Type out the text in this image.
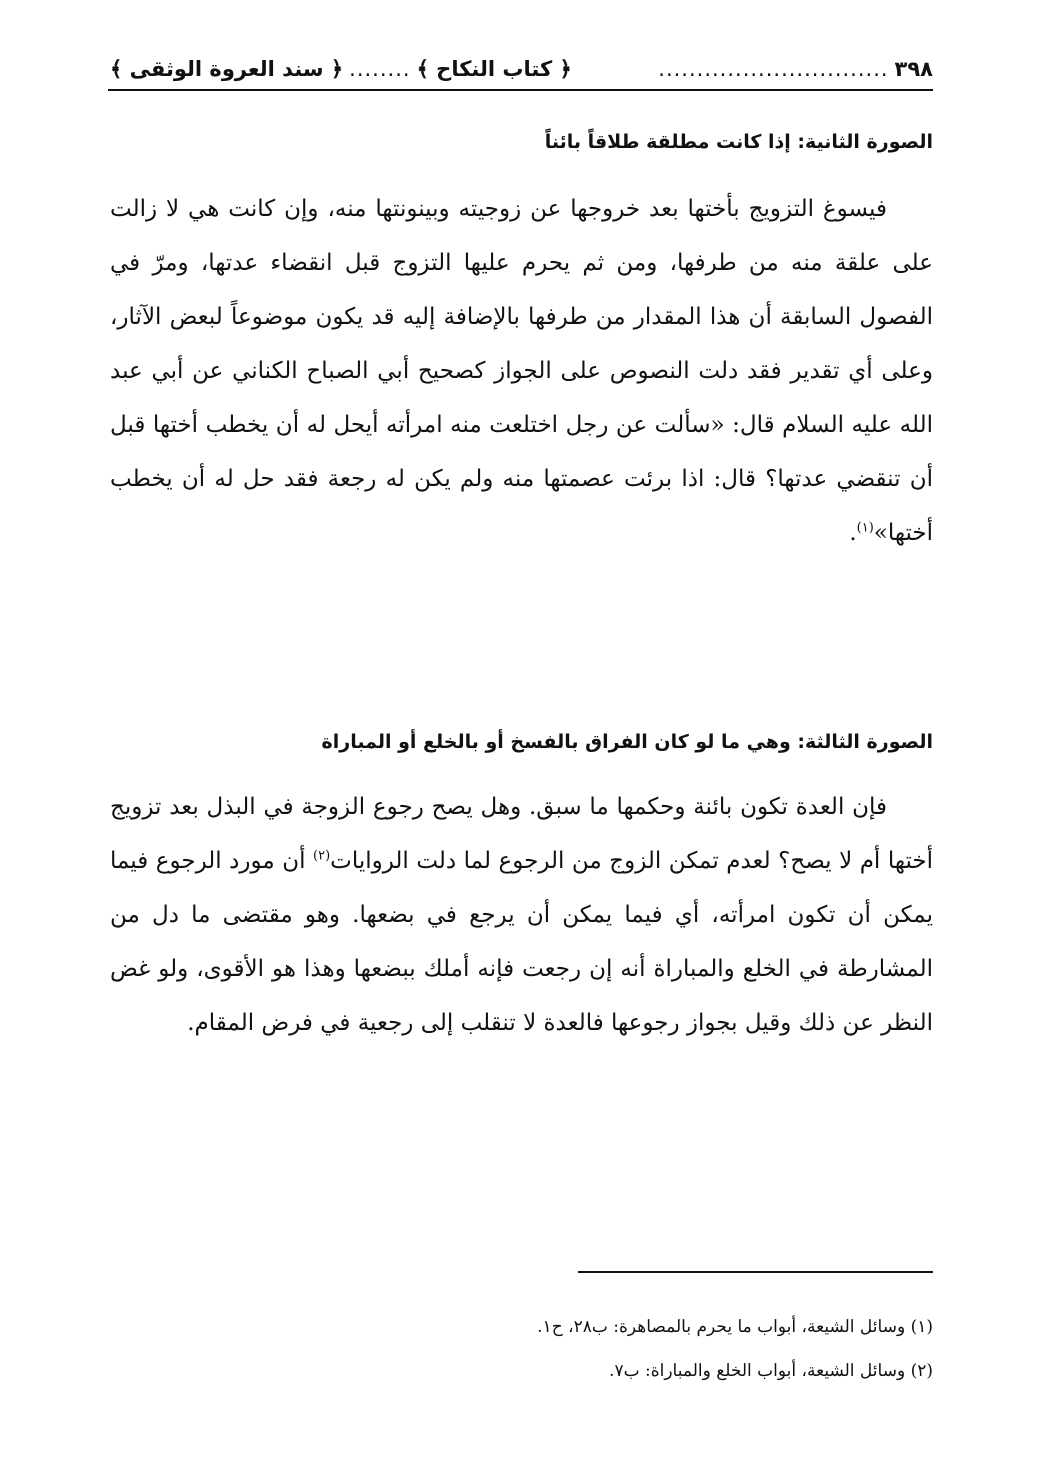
٣٩٨
..............................
﴿ كتاب النكاح ﴾
........
﴿ سند العروة الوثقى ﴾
الصورة الثانية: إذا كانت مطلقة طلاقاً بائناً

فيسوغ التزويج بأختها بعد خروجها عن زوجيته وبينونتها منه، وإن كانت هي لا زالت على علقة منه من طرفها، ومن ثم يحرم عليها التزوج قبل انقضاء عدتها، ومرّ في الفصول السابقة أن هذا المقدار من طرفها بالإضافة إليه قد يكون موضوعاً لبعض الآثار، وعلى أي تقدير فقد دلت النصوص على الجواز كصحيح أبي الصباح الكناني عن أبي عبد الله عليه السلام قال: «سألت عن رجل اختلعت منه امرأته أيحل له أن يخطب أختها قبل أن تنقضي عدتها؟ قال: اذا برئت عصمتها منه ولم يكن له رجعة فقد حل له أن يخطب أختها»$^{(١)}$.

الصورة الثالثة: وهي ما لو كان الفراق بالفسخ أو بالخلع أو المباراة

فإن العدة تكون بائنة وحكمها ما سبق. وهل يصح رجوع الزوجة في البذل بعد تزويج أختها أم لا يصح؟ لعدم تمكن الزوج من الرجوع لما دلت الروايات$^{(٢)}$ أن مورد الرجوع فيما يمكن أن تكون امرأته، أي فيما يمكن أن يرجع في بضعها. وهو مقتضى ما دل من المشارطة في الخلع والمباراة أنه إن رجعت فإنه أملك ببضعها وهذا هو الأقوى، ولو غض النظر عن ذلك وقيل بجواز رجوعها فالعدة لا تنقلب إلى رجعية في فرض المقام.

(١) وسائل الشيعة، أبواب ما يحرم بالمصاهرة: ب٢٨، ح١.
(٢) وسائل الشيعة، أبواب الخلع والمباراة: ب٧.
